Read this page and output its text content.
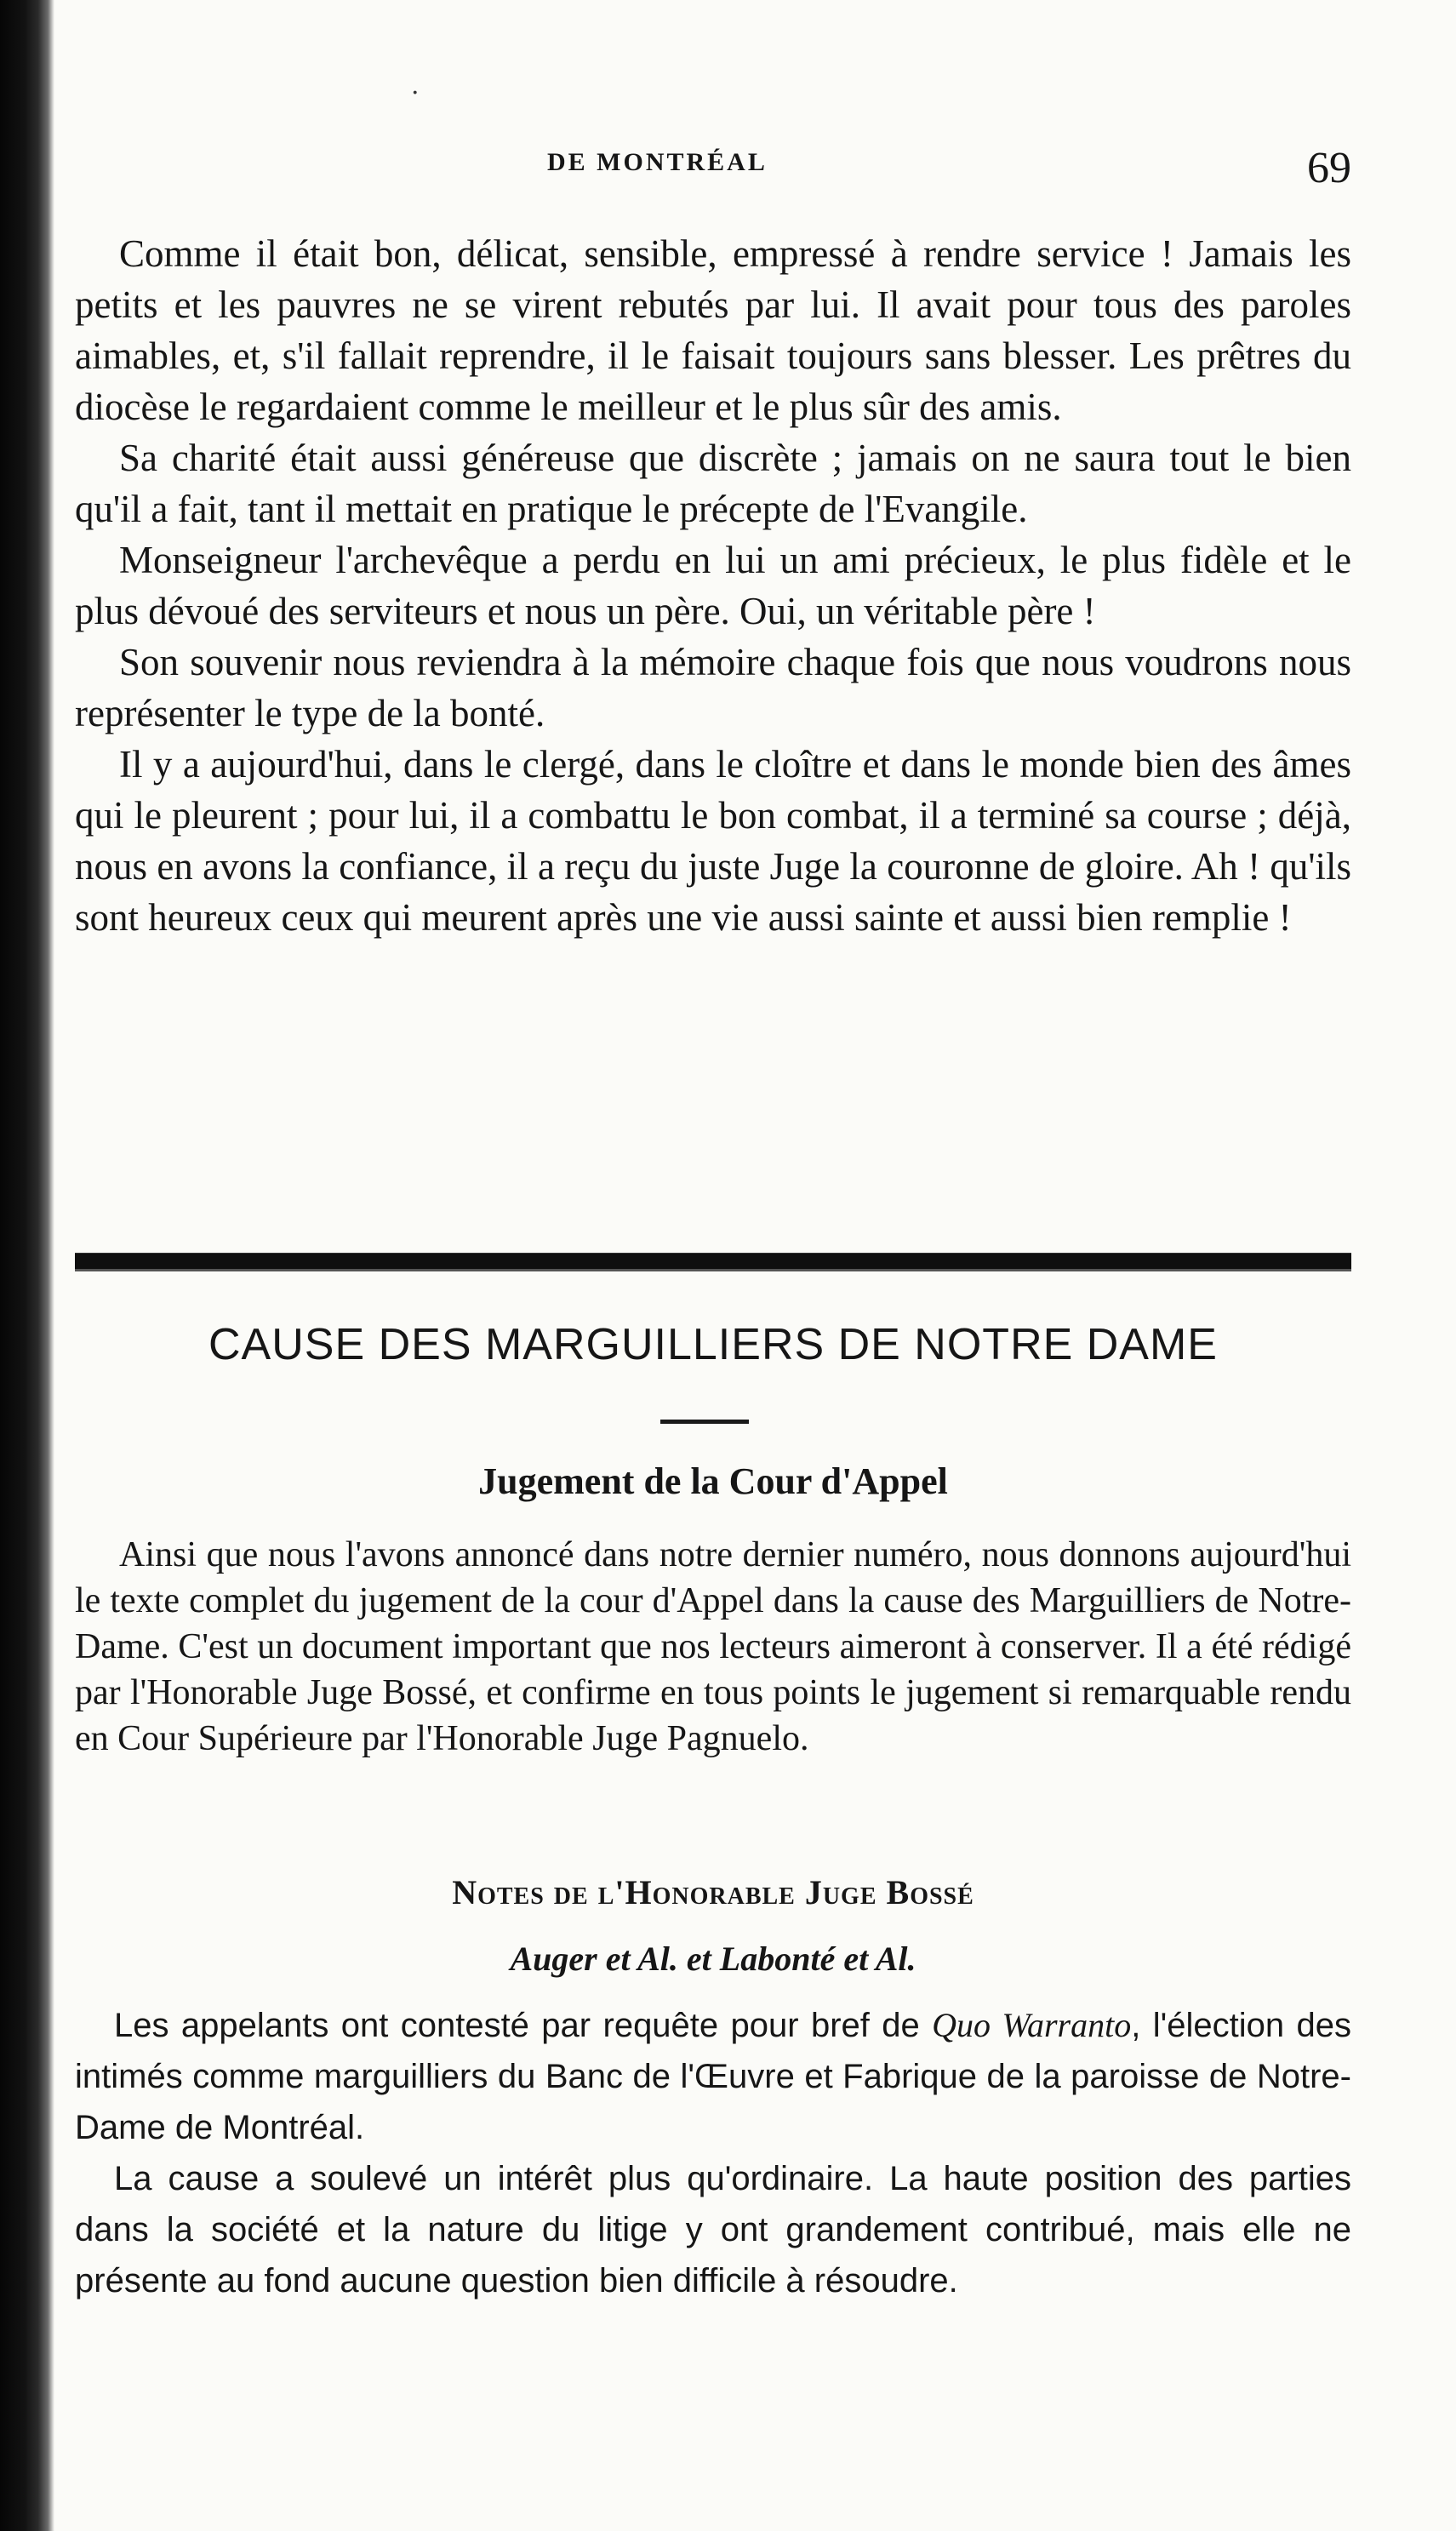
·
DE MONTRÉAL	69

Comme il était bon, délicat, sensible, empressé à rendre service ! Jamais les petits et les pauvres ne se virent rebutés par lui. Il avait pour tous des paroles aimables, et, s'il fallait reprendre, il le faisait toujours sans blesser. Les prêtres du diocèse le regardaient comme le meilleur et le plus sûr des amis.

Sa charité était aussi généreuse que discrète ; jamais on ne saura tout le bien qu'il a fait, tant il mettait en pratique le précepte de l'Evangile.

Monseigneur l'archevêque a perdu en lui un ami précieux, le plus fidèle et le plus dévoué des serviteurs et nous un père. Oui, un véritable père !

Son souvenir nous reviendra à la mémoire chaque fois que nous voudrons nous représenter le type de la bonté.

Il y a aujourd'hui, dans le clergé, dans le cloître et dans le monde bien des âmes qui le pleurent ; pour lui, il a combattu le bon combat, il a terminé sa course ; déjà, nous en avons la confiance, il a reçu du juste Juge la couronne de gloire. Ah ! qu'ils sont heureux ceux qui meurent après une vie aussi sainte et aussi bien remplie !

CAUSE DES MARGUILLIERS DE NOTRE DAME
Jugement de la Cour d'Appel

Ainsi que nous l'avons annoncé dans notre dernier numéro, nous donnons aujourd'hui le texte complet du jugement de la cour d'Appel dans la cause des Marguilliers de Notre-Dame. C'est un document important que nos lecteurs aimeront à conserver. Il a été rédigé par l'Honorable Juge Bossé, et confirme en tous points le jugement si remarquable rendu en Cour Supérieure par l'Honorable Juge Pagnuelo.

Notes de l'Honorable Juge Bossé
Auger et Al. et Labonté et Al.

Les appelants ont contesté par requête pour bref de Quo Warranto, l'élection des intimés comme marguilliers du Banc de l'Œuvre et Fabrique de la paroisse de Notre-Dame de Montréal.

La cause a soulevé un intérêt plus qu'ordinaire. La haute position des parties dans la société et la nature du litige y ont grandement contribué, mais elle ne présente au fond aucune question bien difficile à résoudre.
